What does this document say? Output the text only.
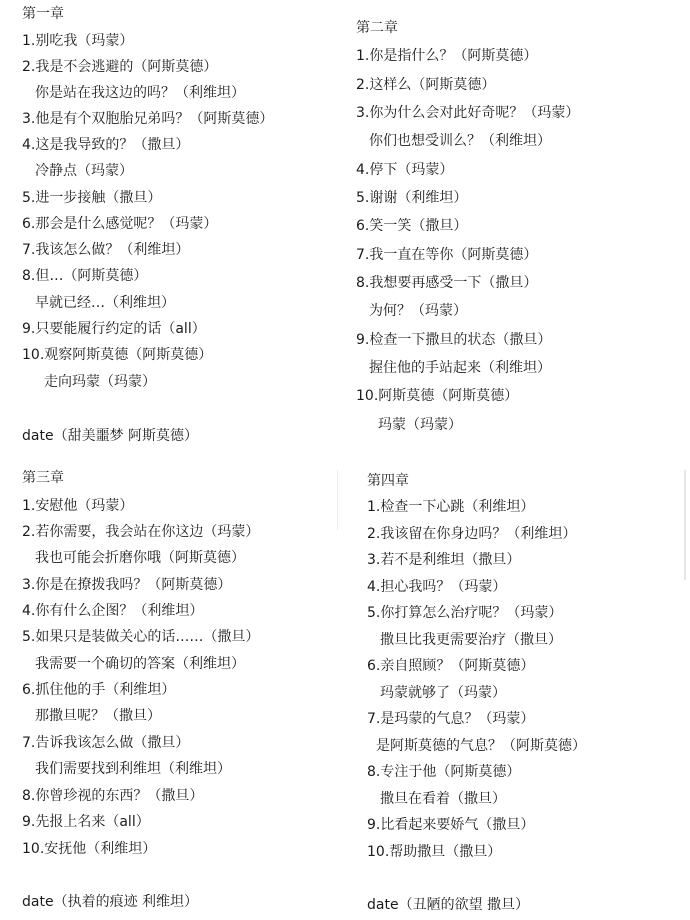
第一章
1.别吃我（玛蒙）
2.我是不会逃避的（阿斯莫德）
你是站在我这边的吗？（利维坦）
3.他是有个双胞胎兄弟吗？（阿斯莫德）
4.这是我导致的？（撒旦）
冷静点（玛蒙）
5.进一步接触（撒旦）
6.那会是什么感觉呢？（玛蒙）
7.我该怎么做？（利维坦）
8.但…（阿斯莫德）
早就已经…（利维坦）
9.只要能履行约定的话（all）
10.观察阿斯莫德（阿斯莫德）
走向玛蒙（玛蒙）
date（甜美噩梦 阿斯莫德）
第二章
1.你是指什么？（阿斯莫德）
2.这样么（阿斯莫德）
3.你为什么会对此好奇呢？（玛蒙）
你们也想受训么？（利维坦）
4.停下（玛蒙）
5.谢谢（利维坦）
6.笑一笑（撒旦）
7.我一直在等你（阿斯莫德）
8.我想要再感受一下（撒旦）
为何？（玛蒙）
9.检查一下撒旦的状态（撒旦）
握住他的手站起来（利维坦）
10.阿斯莫德（阿斯莫德）
玛蒙（玛蒙）
第三章
1.安慰他（玛蒙）
2.若你需要，我会站在你这边（玛蒙）
我也可能会折磨你哦（阿斯莫德）
3.你是在撩拨我吗？（阿斯莫德）
4.你有什么企图？（利维坦）
5.如果只是装做关心的话……（撒旦）
我需要一个确切的答案（利维坦）
6.抓住他的手（利维坦）
那撒旦呢？（撒旦）
7.告诉我该怎么做（撒旦）
我们需要找到利维坦（利维坦）
8.你曾珍视的东西？（撒旦）
9.先报上名来（all）
10.安抚他（利维坦）
date（执着的痕迹 利维坦）
第四章
1.检查一下心跳（利维坦）
2.我该留在你身边吗？（利维坦）
3.若不是利维坦（撒旦）
4.担心我吗？（玛蒙）
5.你打算怎么治疗呢？（玛蒙）
撒旦比我更需要治疗（撒旦）
6.亲自照顾？（阿斯莫德）
玛蒙就够了（玛蒙）
7.是玛蒙的气息？（玛蒙）
是阿斯莫德的气息？（阿斯莫德）
8.专注于他（阿斯莫德）
撒旦在看着（撒旦）
9.比看起来要娇气（撒旦）
10.帮助撒旦（撒旦）
date（丑陋的欲望 撒旦）
